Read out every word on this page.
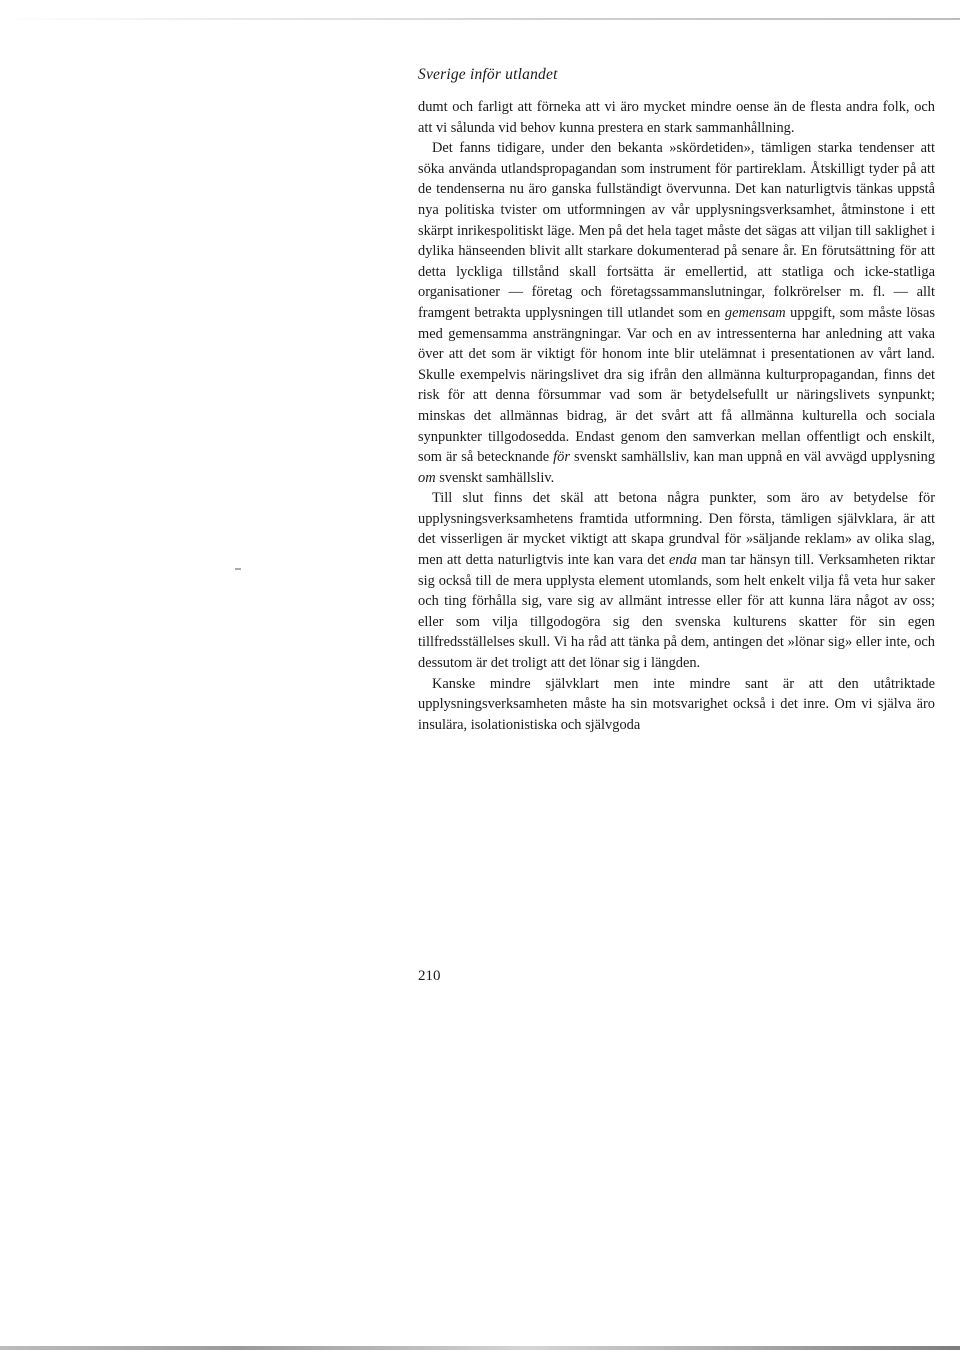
Sverige inför utlandet

dumt och farligt att förneka att vi äro mycket mindre oense än de flesta andra folk, och att vi sålunda vid behov kunna prestera en stark sammanhållning.

Det fanns tidigare, under den bekanta »skördetiden», tämligen starka tendenser att söka använda utlandspropagandan som instrument för partireklam. Åtskilligt tyder på att de tendenserna nu äro ganska fullständigt övervunna. Det kan naturligtvis tänkas uppstå nya politiska tvister om utformningen av vår upplysningsverksamhet, åtminstone i ett skärpt inrikespolitiskt läge. Men på det hela taget måste det sägas att viljan till saklighet i dylika hänseenden blivit allt starkare dokumenterad på senare år. En förutsättning för att detta lyckliga tillstånd skall fortsätta är emellertid, att statliga och icke-statliga organisationer — företag och företagssammanslutningar, folkrörelser m. fl. — allt framgent betrakta upplysningen till utlandet som en gemensam uppgift, som måste lösas med gemensamma ansträngningar. Var och en av intressenterna har anledning att vaka över att det som är viktigt för honom inte blir utelämnat i presentationen av vårt land. Skulle exempelvis näringslivet dra sig ifrån den allmänna kulturpropagandan, finns det risk för att denna försummar vad som är betydelsefullt ur näringslivets synpunkt; minskas det allmännas bidrag, är det svårt att få allmänna kulturella och sociala synpunkter tillgodosedda. Endast genom den samverkan mellan offentligt och enskilt, som är så betecknande för svenskt samhällsliv, kan man uppnå en väl avvägd upplysning om svenskt samhällsliv.

Till slut finns det skäl att betona några punkter, som äro av betydelse för upplysningsverksamhetens framtida utformning. Den första, tämligen självklara, är att det visserligen är mycket viktigt att skapa grundval för »säljande reklam» av olika slag, men att detta naturligtvis inte kan vara det enda man tar hänsyn till. Verksamheten riktar sig också till de mera upplysta element utomlands, som helt enkelt vilja få veta hur saker och ting förhålla sig, vare sig av allmänt intresse eller för att kunna lära något av oss; eller som vilja tillgodogöra sig den svenska kulturens skatter för sin egen tillfredsställelses skull. Vi ha råd att tänka på dem, antingen det »lönar sig» eller inte, och dessutom är det troligt att det lönar sig i längden.

Kanske mindre självklart men inte mindre sant är att den utåtriktade upplysningsverksamheten måste ha sin motsvarighet också i det inre. Om vi själva äro insulära, isolationistiska och självgoda

210
